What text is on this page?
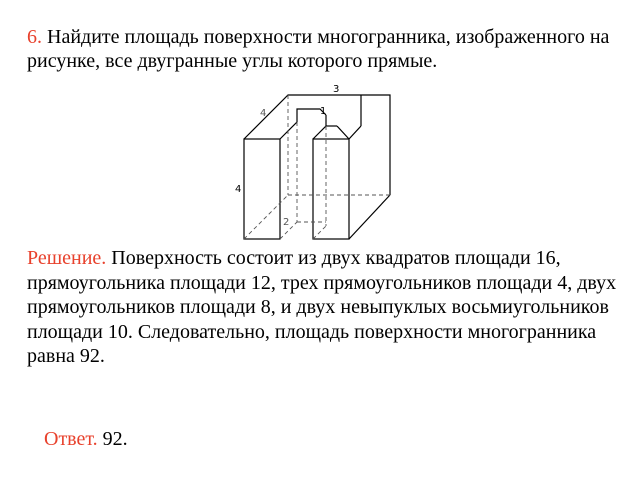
6. Найдите площадь поверхности многогранника, изображенного на рисунке, все двугранные углы которого прямые.

3
1
4
4
2

Решение. Поверхность состоит из двух квадратов площади 16, прямоугольника площади 12, трех прямоугольников площади 4, двух прямоугольников площади 8, и двух невыпуклых восьмиугольников площади 10. Следовательно, площадь поверхности многогранника равна 92.

Ответ. 92.
